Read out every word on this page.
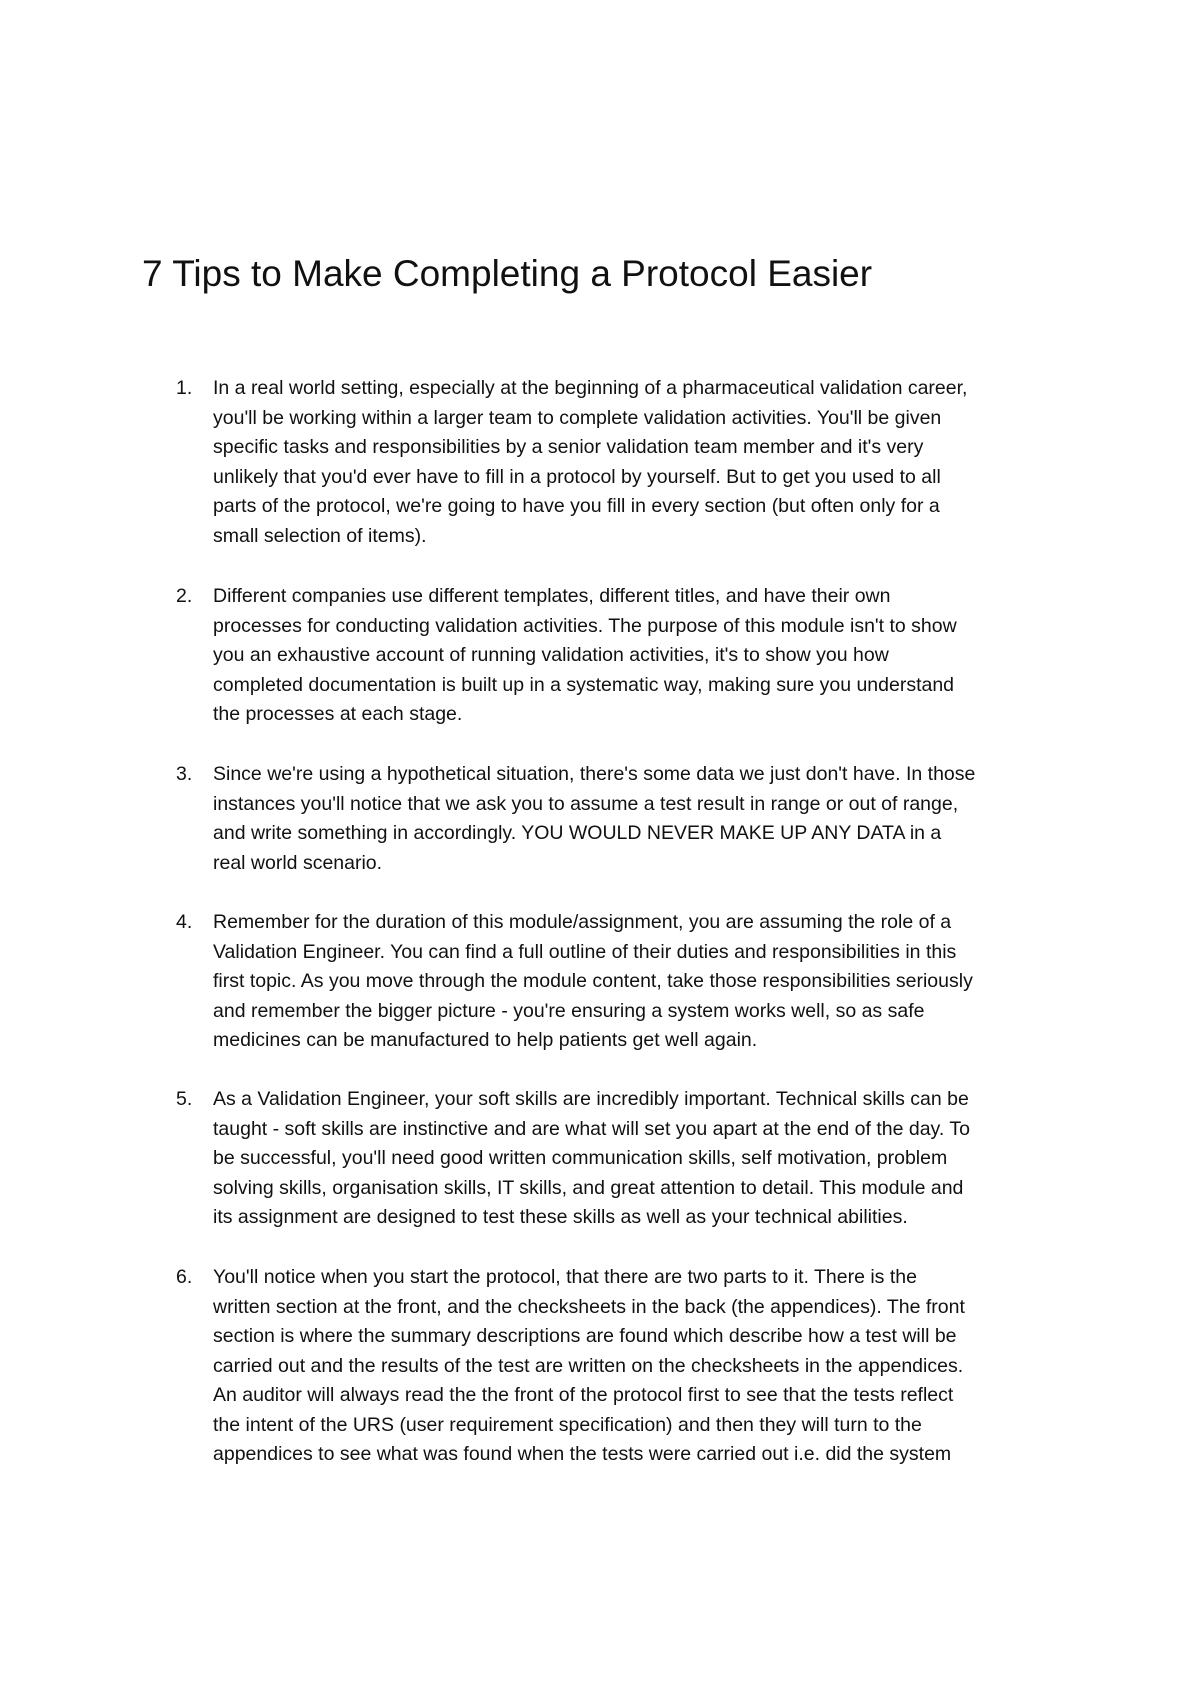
7 Tips to Make Completing a Protocol Easier
1. In a real world setting, especially at the beginning of a pharmaceutical validation career,
you'll be working within a larger team to complete validation activities. You'll be given
specific tasks and responsibilities by a senior validation team member and it's very
unlikely that you'd ever have to fill in a protocol by yourself. But to get you used to all
parts of the protocol, we're going to have you fill in every section (but often only for a
small selection of items).

2. Different companies use different templates, different titles, and have their own
processes for conducting validation activities. The purpose of this module isn't to show
you an exhaustive account of running validation activities, it's to show you how
completed documentation is built up in a systematic way, making sure you understand
the processes at each stage.

3. Since we're using a hypothetical situation, there's some data we just don't have. In those
instances you'll notice that we ask you to assume a test result in range or out of range,
and write something in accordingly. YOU WOULD NEVER MAKE UP ANY DATA in a
real world scenario.

4. Remember for the duration of this module/assignment, you are assuming the role of a
Validation Engineer. You can find a full outline of their duties and responsibilities in this
first topic. As you move through the module content, take those responsibilities seriously
and remember the bigger picture - you're ensuring a system works well, so as safe
medicines can be manufactured to help patients get well again.

5. As a Validation Engineer, your soft skills are incredibly important. Technical skills can be
taught - soft skills are instinctive and are what will set you apart at the end of the day. To
be successful, you'll need good written communication skills, self motivation, problem
solving skills, organisation skills, IT skills, and great attention to detail. This module and
its assignment are designed to test these skills as well as your technical abilities.

6. You'll notice when you start the protocol, that there are two parts to it. There is the
written section at the front, and the checksheets in the back (the appendices). The front
section is where the summary descriptions are found which describe how a test will be
carried out and the results of the test are written on the checksheets in the appendices.
An auditor will always read the the front of the protocol first to see that the tests reflect
the intent of the URS (user requirement specification) and then they will turn to the
appendices to see what was found when the tests were carried out i.e. did the system
